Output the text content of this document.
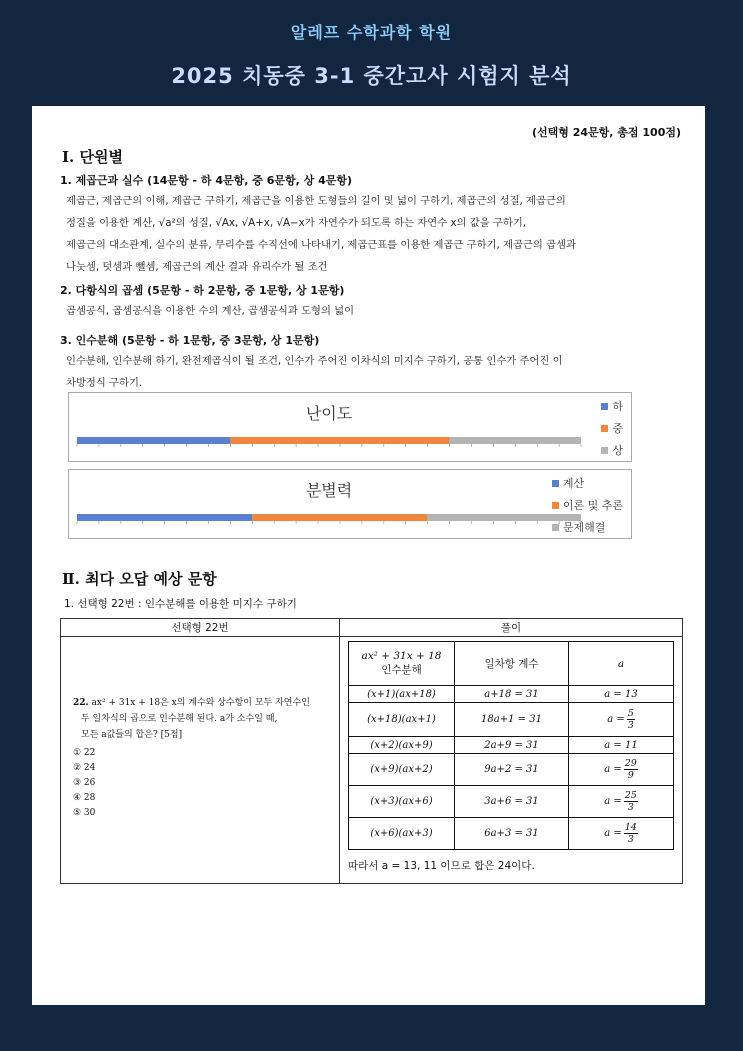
알레프 수학과학 학원
2025 치동중 3-1 중간고사 시험지 분석
(선택형 24문항, 총점 100점)
Ⅰ. 단원별
1. 제곱근과 실수 (14문항 - 하 4문항, 중 6문항, 상 4문항)
제곱근, 제곱근의 이해, 제곱근 구하기, 제곱근을 이용한 도형들의 길이 및 넓이 구하기, 제곱근의 성질, 제곱근의
정질을 이용한 계산, √a²의 성질, √Ax, √A+x, √A−x가 자연수가 되도록 하는 자연수 x의 값을 구하기,
제곱근의 대소관계, 실수의 분류, 무리수를 수직선에 나타내기, 제곱근표를 이용한 제곱근 구하기, 제곱근의 곱셈과
나눗셈, 덧셈과 뺄셈, 제곱근의 계산 결과 유리수가 될 조건
2. 다항식의 곱셈 (5문항 - 하 2문항, 중 1문항, 상 1문항)
곱셈공식, 곱셈공식을 이용한 수의 계산, 곱셈공식과 도형의 넓이
3. 인수분해 (5문항 - 하 1문항, 중 3문항, 상 1문항)
인수분해, 인수분해 하기, 완전제곱식이 될 조건, 인수가 주어진 이차식의 미지수 구하기, 공통 인수가 주어진 이
차방정식 구하기.
난이도	하
중
상
분별력	계산
이론 및 추론
문제해결
Ⅱ. 최다 오답 예상 문항
1. 선택형 22번 : 인수분해를 이용한 미지수 구하기
선택형 22번	풀이

22. ax² + 31x + 18은 x의 계수와 상수항이 모두 자연수인
두 일차식의 곱으로 인수분해 된다. a가 소수일 때,
모든 a값들의 합은? [5점]
① 22
② 24
③ 26
④ 28
⑤ 30

ax² + 31x + 18
인수분해	일차항 계수	a
(x+1)(ax+18)	a+18 = 31	a = 13
(x+18)(ax+1)	18a+1 = 31	$a = \frac{5}{3}$

(x+2)(ax+9)	2a+9 = 31	a = 11
(x+9)(ax+2)	9a+2 = 31	$a = \frac{29}{9}$

(x+3)(ax+6)	3a+6 = 31	$a = \frac{25}{3}$

(x+6)(ax+3)	6a+3 = 31	$a = \frac{14}{3}$
따라서 a = 13, 11 이므로 합은 24이다.
